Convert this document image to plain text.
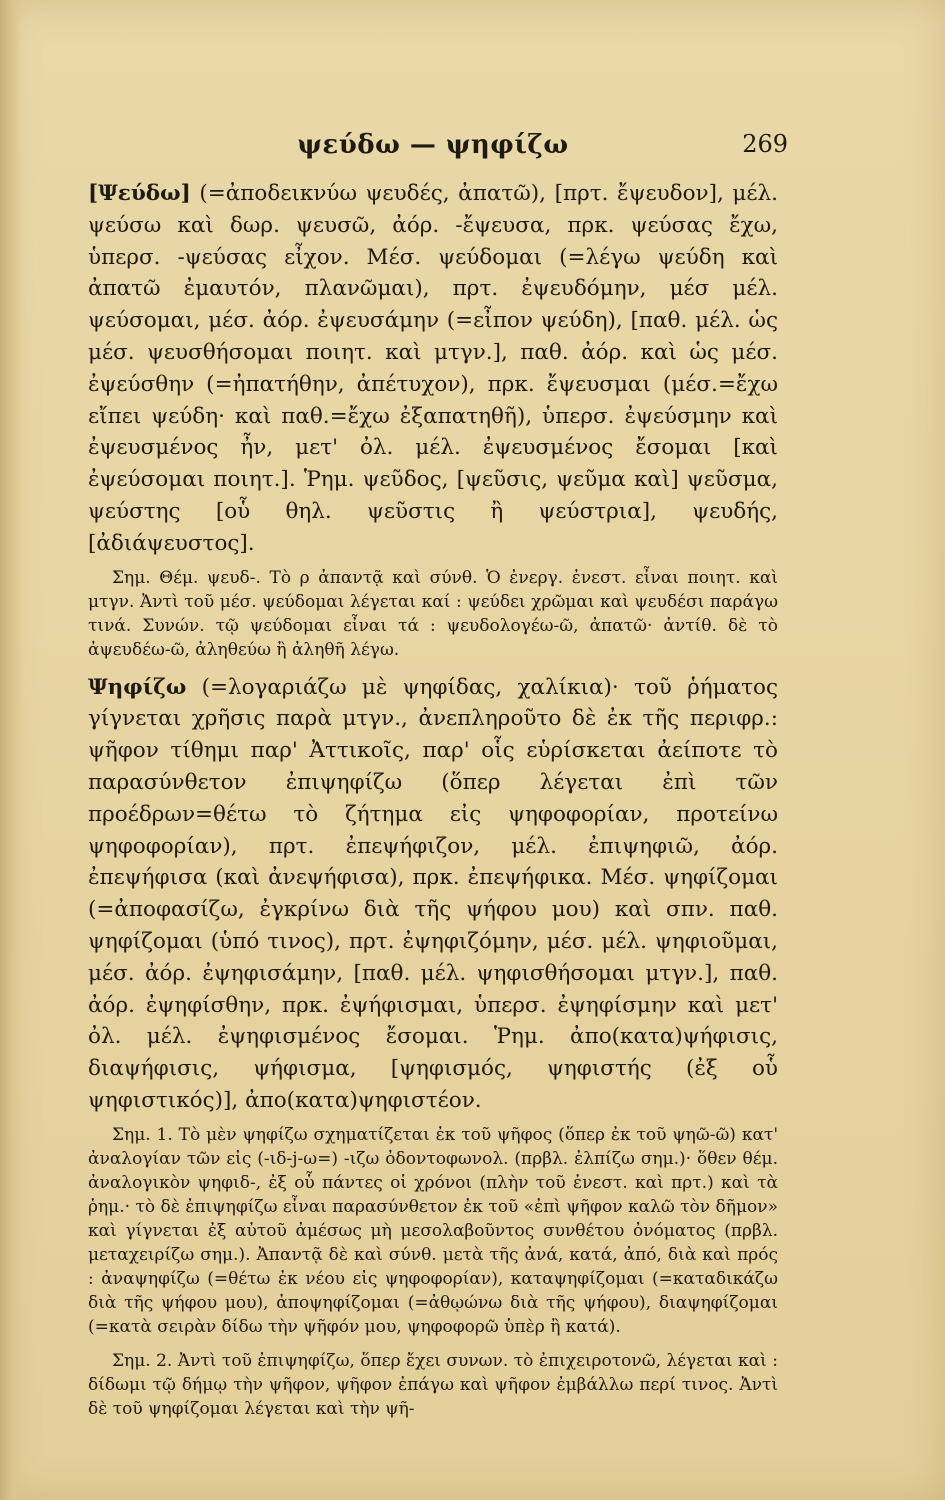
ψεύδω — ψηφίζω	269

[Ψεύδω] (=ἀποδεικνύω ψευδές, ἀπατῶ), [πρτ. ἔψευδον], μέλ. ψεύσω καὶ δωρ. ψευσῶ, ἀόρ. -ἔψευσα, πρκ. ψεύσας ἔχω, ὑπερσ. -ψεύσας εἶχον. Μέσ. ψεύδομαι (=λέγω ψεύδη καὶ ἀπατῶ ἐμαυτόν, πλανῶμαι), πρτ. ἐψευδόμην, μέσ μέλ. ψεύσομαι, μέσ. ἀόρ. ἐψευσάμην (=εἶπον ψεύδη), [παθ. μέλ. ὡς μέσ. ψευσθήσομαι ποιητ. καὶ μτγν.], παθ. ἀόρ. καὶ ὡς μέσ. ἐψεύσθην (=ἠπατήθην, ἀπέτυχον), πρκ. ἔψευσμαι (μέσ.=ἔχω εἴπει ψεύδη· καὶ παθ.=ἔχω ἐξαπατηθῆ), ὑπερσ. ἐψεύσμην καὶ ἐψευσμένος ἦν, μετ' ὀλ. μέλ. ἐψευσμένος ἔσομαι [καὶ ἐψεύσομαι ποιητ.]. Ῥημ. ψεῦδος, [ψεῦσις, ψεῦμα καὶ] ψεῦσμα, ψεύστης [οὗ θηλ. ψεῦστις ἢ ψεύστρια], ψευδής, [ἀδιάψευστος].

Σημ. Θέμ. ψευδ-. Τὸ ρ ἀπαντᾷ καὶ σύνθ. Ὁ ἐνεργ. ἐνεστ. εἶναι ποιητ. καὶ μτγν. Ἀντὶ τοῦ μέσ. ψεύδομαι λέγεται καί : ψεύδει χρῶμαι καὶ ψευδέσι παράγω τινά. Συνών. τῷ ψεύδομαι εἶναι τά : ψευδολογέω-ῶ, ἀπατῶ· ἀντίθ. δὲ τὸ ἀψευδέω-ῶ, ἀληθεύω ἢ ἀληθῆ λέγω.

Ψηφίζω (=λογαριάζω μὲ ψηφίδας, χαλίκια)· τοῦ ῥήματος γίγνεται χρῆσις παρὰ μτγν., ἀνεπληροῦτο δὲ ἐκ τῆς περιφρ.: ψῆφον τίθημι παρ' Ἀττικοῖς, παρ' οἷς εὑρίσκεται ἀείποτε τὸ παρασύνθετον ἐπιψηφίζω (ὅπερ λέγεται ἐπὶ τῶν προέδρων=θέτω τὸ ζήτημα εἰς ψηφοφορίαν, προτείνω ψηφοφορίαν), πρτ. ἐπεψήφιζον, μέλ. ἐπιψηφιῶ, ἀόρ. ἐπεψήφισα (καὶ ἀνεψήφισα), πρκ. ἐπεψήφικα. Μέσ. ψηφίζομαι (=ἀποφασίζω, ἐγκρίνω διὰ τῆς ψήφου μου) καὶ σπν. παθ. ψηφίζομαι (ὑπό τινος), πρτ. ἐψηφιζόμην, μέσ. μέλ. ψηφιοῦμαι, μέσ. ἀόρ. ἐψηφισάμην, [παθ. μέλ. ψηφισθήσομαι μτγν.], παθ. ἀόρ. ἐψηφίσθην, πρκ. ἐψήφισμαι, ὑπερσ. ἐψηφίσμην καὶ μετ' ὀλ. μέλ. ἐψηφισμένος ἔσομαι. Ῥημ. ἀπο(κατα)ψήφισις, διαψήφισις, ψήφισμα, [ψηφισμός, ψηφιστής (ἐξ οὗ ψηφιστικός)], ἀπο(κατα)ψηφιστέον.

Σημ. 1. Τὸ μὲν ψηφίζω σχηματίζεται ἐκ τοῦ ψῆφος (ὅπερ ἐκ τοῦ ψηῶ-ῶ) κατ' ἀναλογίαν τῶν εἰς (-ιδ-j-ω=) -ιζω ὀδοντοφωνολ. (πρβλ. ἐλπίζω σημ.)· ὅθεν θέμ. ἀναλογικὸν ψηφιδ-, ἐξ οὗ πάντες οἱ χρόνοι (πλὴν τοῦ ἐνεστ. καὶ πρτ.) καὶ τὰ ῥημ.· τὸ δὲ ἐπιψηφίζω εἶναι παρασύνθετον ἐκ τοῦ «ἐπὶ ψῆφον καλῶ τὸν δῆμον» καὶ γίγνεται ἐξ αὐτοῦ ἀμέσως μὴ μεσολαβοῦντος συνθέτου ὀνόματος (πρβλ. μεταχειρίζω σημ.). Ἀπαντᾷ δὲ καὶ σύνθ. μετὰ τῆς ἀνά, κατά, ἀπό, διὰ καὶ πρός : ἀναψηφίζω (=θέτω ἐκ νέου εἰς ψηφοφορίαν), καταψηφίζομαι (=καταδικάζω διὰ τῆς ψήφου μου), ἀποψηφίζομαι (=ἀθῳώνω διὰ τῆς ψήφου), διαψηφίζομαι (=κατὰ σειρὰν δίδω τὴν ψῆφόν μου, ψηφοφορῶ ὑπὲρ ἢ κατά).

Σημ. 2. Ἀντὶ τοῦ ἐπιψηφίζω, ὅπερ ἔχει συνων. τὸ ἐπιχειροτονῶ, λέγεται καὶ : δίδωμι τῷ δήμῳ τὴν ψῆφον, ψῆφον ἐπάγω καὶ ψῆφον ἐμβάλλω περί τινος. Ἀντὶ δὲ τοῦ ψηφίζομαι λέγεται καὶ τὴν ψῆ-
